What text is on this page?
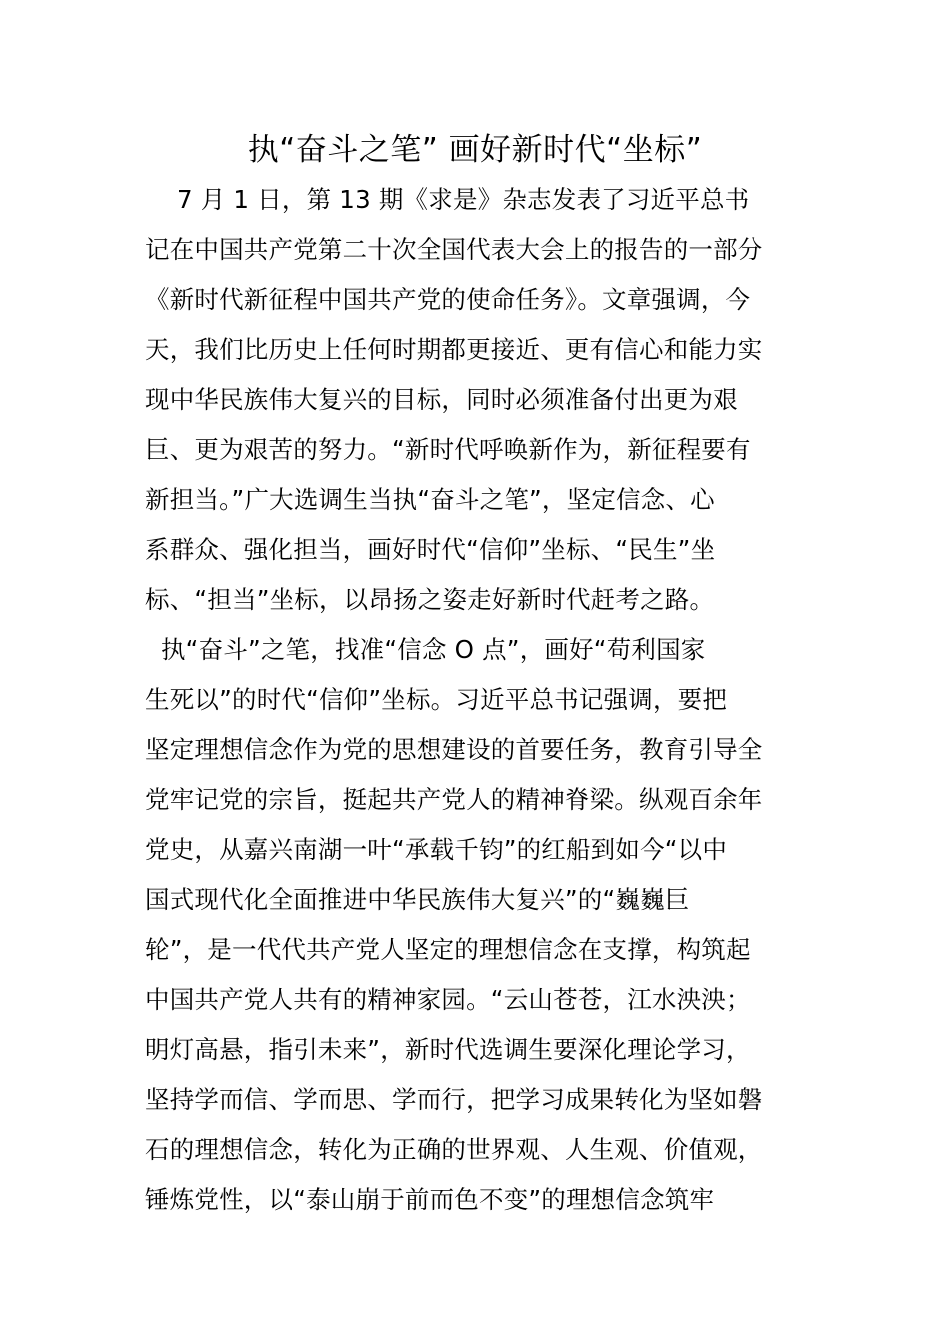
执“奋斗之笔” 画好新时代“坐标”
7 月 1 日，第 13 期《求是》杂志发表了习近平总书
记在中国共产党第二十次全国代表大会上的报告的一部分
《新时代新征程中国共产党的使命任务》。文章强调，今
天，我们比历史上任何时期都更接近、更有信心和能力实
现中华民族伟大复兴的目标，同时必须准备付出更为艰
巨、更为艰苦的努力。“新时代呼唤新作为，新征程要有
新担当。”广大选调生当执“奋斗之笔”，坚定信念、心
系群众、强化担当，画好时代“信仰”坐标、“民生”坐
标、“担当”坐标，以昂扬之姿走好新时代赶考之路。
执“奋斗”之笔，找准“信念 O 点”，画好“苟利国家
生死以”的时代“信仰”坐标。习近平总书记强调，要把
坚定理想信念作为党的思想建设的首要任务，教育引导全
党牢记党的宗旨，挺起共产党人的精神脊梁。纵观百余年
党史，从嘉兴南湖一叶“承载千钧”的红船到如今“以中
国式现代化全面推进中华民族伟大复兴”的“巍巍巨
轮”，是一代代共产党人坚定的理想信念在支撑，构筑起
中国共产党人共有的精神家园。“云山苍苍，江水泱泱；
明灯高悬，指引未来”，新时代选调生要深化理论学习，
坚持学而信、学而思、学而行，把学习成果转化为坚如磐
石的理想信念，转化为正确的世界观、人生观、价值观，
锤炼党性，以“泰山崩于前而色不变”的理想信念筑牢
